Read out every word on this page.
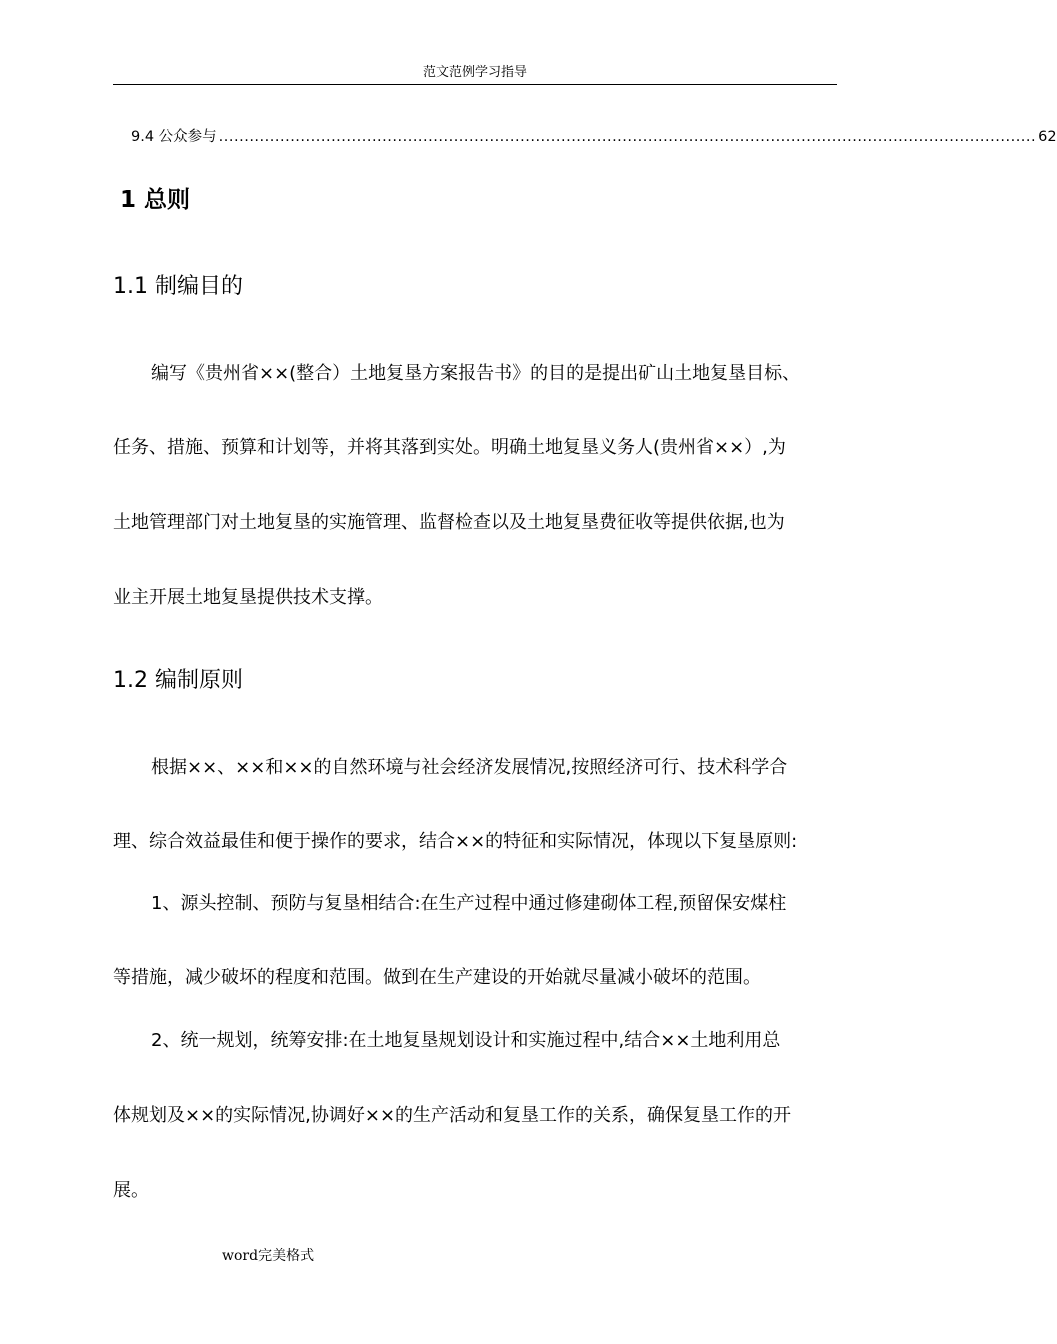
范文范例学习指导
9.4 公众参与 ................................................................................................................................................................ 62
1 总则
1.1 制编目的
编写《贵州省××(整合）土地复垦方案报告书》的目的是提出矿山土地复垦目标、
任务、措施、预算和计划等，并将其落到实处。明确土地复垦义务人(贵州省××）,为
土地管理部门对土地复垦的实施管理、监督检查以及土地复垦费征收等提供依据,也为
业主开展土地复垦提供技术支撑。
1.2 编制原则
根据××、××和××的自然环境与社会经济发展情况,按照经济可行、技术科学合
理、综合效益最佳和便于操作的要求，结合××的特征和实际情况，体现以下复垦原则:
1、源头控制、预防与复垦相结合:在生产过程中通过修建砌体工程,预留保安煤柱
等措施，减少破坏的程度和范围。做到在生产建设的开始就尽量减小破坏的范围。
2、统一规划，统筹安排:在土地复垦规划设计和实施过程中,结合××土地利用总
体规划及××的实际情况,协调好××的生产活动和复垦工作的关系，确保复垦工作的开
展。
word完美格式
